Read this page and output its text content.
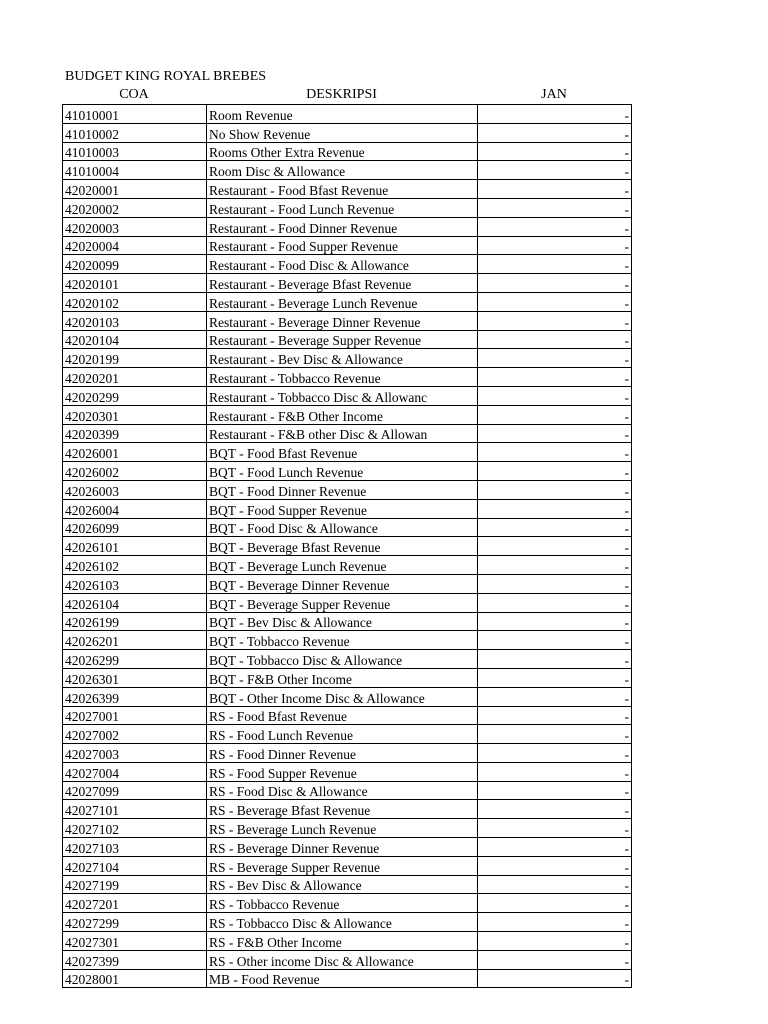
BUDGET KING ROYAL BREBES
COA	DESKRIPSI	JAN
41010001	Room Revenue	-
41010002	No Show Revenue	-
41010003	Rooms Other Extra Revenue	-
41010004	Room Disc & Allowance	-
42020001	Restaurant - Food Bfast Revenue	-
42020002	Restaurant - Food Lunch Revenue	-
42020003	Restaurant - Food Dinner Revenue	-
42020004	Restaurant - Food Supper Revenue	-
42020099	Restaurant - Food Disc & Allowance	-
42020101	Restaurant - Beverage Bfast Revenue	-
42020102	Restaurant - Beverage Lunch Revenue	-
42020103	Restaurant - Beverage Dinner Revenue	-
42020104	Restaurant - Beverage Supper Revenue	-
42020199	Restaurant - Bev Disc & Allowance	-
42020201	Restaurant - Tobbacco Revenue	-
42020299	Restaurant - Tobbacco Disc & Allowanc	-
42020301	Restaurant - F&B Other Income	-
42020399	Restaurant - F&B other Disc & Allowan	-
42026001	BQT - Food Bfast Revenue	-
42026002	BQT - Food Lunch Revenue	-
42026003	BQT - Food Dinner Revenue	-
42026004	BQT - Food Supper Revenue	-
42026099	BQT - Food Disc & Allowance	-
42026101	BQT - Beverage Bfast Revenue	-
42026102	BQT - Beverage Lunch Revenue	-
42026103	BQT - Beverage Dinner Revenue	-
42026104	BQT - Beverage Supper Revenue	-
42026199	BQT - Bev Disc & Allowance	-
42026201	BQT - Tobbacco Revenue	-
42026299	BQT - Tobbacco Disc & Allowance	-
42026301	BQT - F&B Other Income	-
42026399	BQT - Other Income Disc & Allowance	-
42027001	RS - Food Bfast Revenue	-
42027002	RS - Food Lunch Revenue	-
42027003	RS - Food Dinner Revenue	-
42027004	RS - Food Supper Revenue	-
42027099	RS - Food Disc & Allowance	-
42027101	RS - Beverage Bfast Revenue	-
42027102	RS - Beverage Lunch Revenue	-
42027103	RS - Beverage Dinner Revenue	-
42027104	RS - Beverage Supper Revenue	-
42027199	RS - Bev Disc & Allowance	-
42027201	RS - Tobbacco Revenue	-
42027299	RS - Tobbacco Disc & Allowance	-
42027301	RS - F&B Other Income	-
42027399	RS - Other income Disc & Allowance	-
42028001	MB - Food Revenue	-
